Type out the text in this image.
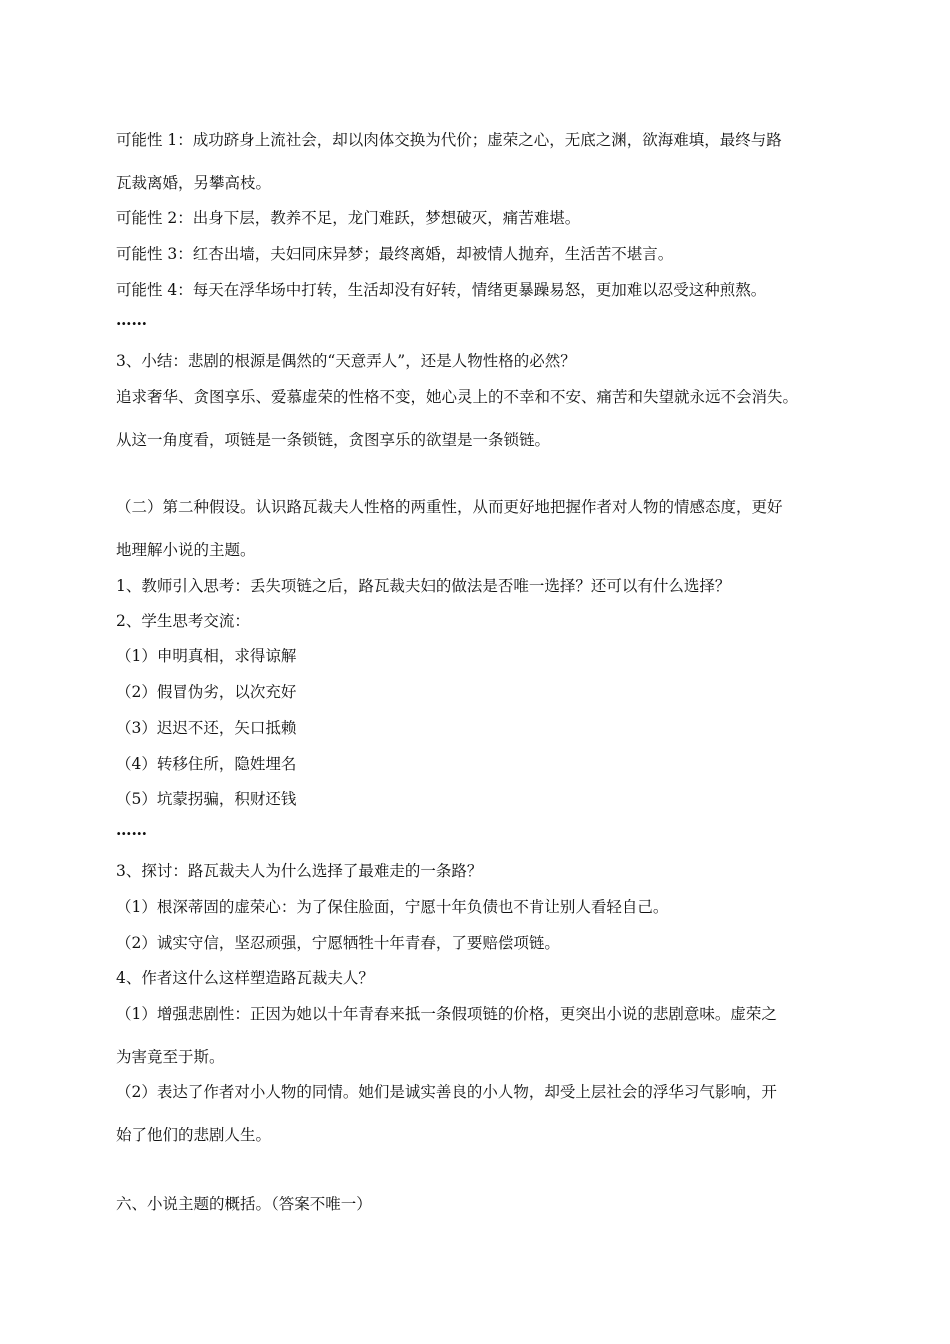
可能性 1：成功跻身上流社会，却以肉体交换为代价；虚荣之心，无底之渊，欲海难填，最终与路
瓦裁离婚，另攀高枝。
可能性 2：出身下层，教养不足，龙门难跃，梦想破灭，痛苦难堪。
可能性 3：红杏出墙，夫妇同床异梦；最终离婚，却被情人抛弃，生活苦不堪言。
可能性 4：每天在浮华场中打转，生活却没有好转，情绪更暴躁易怒，更加难以忍受这种煎熬。
……
3、小结：悲剧的根源是偶然的“天意弄人”，还是人物性格的必然？
追求奢华、贪图享乐、爱慕虚荣的性格不变，她心灵上的不幸和不安、痛苦和失望就永远不会消失。
从这一角度看，项链是一条锁链，贪图享乐的欲望是一条锁链。
（二）第二种假设。认识路瓦裁夫人性格的两重性，从而更好地把握作者对人物的情感态度，更好
地理解小说的主题。
1、教师引入思考：丢失项链之后，路瓦裁夫妇的做法是否唯一选择？还可以有什么选择？
2、学生思考交流：
（1）申明真相，求得谅解
（2）假冒伪劣，以次充好
（3）迟迟不还，矢口抵赖
（4）转移住所，隐姓埋名
（5）坑蒙拐骗，积财还钱
……
3、探讨：路瓦裁夫人为什么选择了最难走的一条路？
（1）根深蒂固的虚荣心：为了保住脸面，宁愿十年负债也不肯让别人看轻自己。
（2）诚实守信，坚忍顽强，宁愿牺牲十年青春，了要赔偿项链。
4、作者这什么这样塑造路瓦裁夫人？
（1）增强悲剧性：正因为她以十年青春来抵一条假项链的价格，更突出小说的悲剧意味。虚荣之
为害竟至于斯。
（2）表达了作者对小人物的同情。她们是诚实善良的小人物，却受上层社会的浮华习气影响，开
始了他们的悲剧人生。
六、小说主题的概括。（答案不唯一）
